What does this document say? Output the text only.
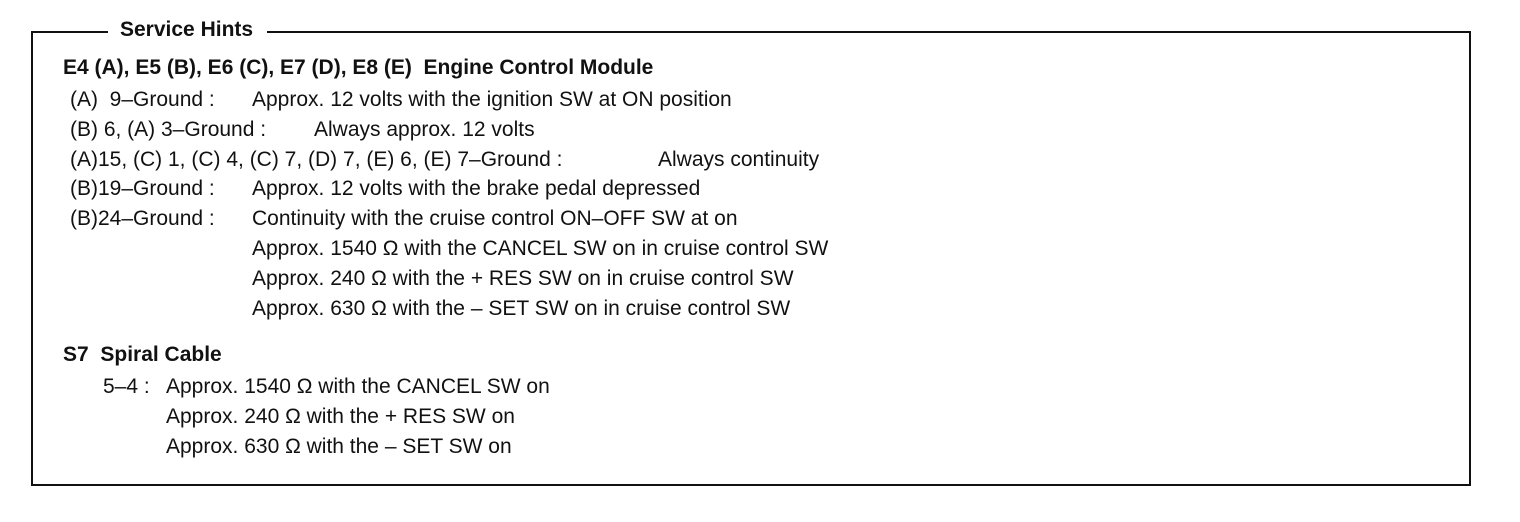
Service Hints
E4 (A), E5 (B), E6 (C), E7 (D), E8 (E)  Engine Control Module
(A)  9–Ground : Approx. 12 volts with the ignition SW at ON position
(B) 6, (A) 3–Ground : Always approx. 12 volts
(A)15, (C) 1, (C) 4, (C) 7, (D) 7, (E) 6, (E) 7–Ground :	Always continuity
(B)19–Ground : Approx. 12 volts with the brake pedal depressed
(B)24–Ground : Continuity with the cruise control ON–OFF SW at on
Approx. 1540 Ω with the CANCEL SW on in cruise control SW
Approx. 240 Ω with the + RES SW on in cruise control SW
Approx. 630 Ω with the – SET SW on in cruise control SW
S7  Spiral Cable
5–4 : Approx. 1540 Ω with the CANCEL SW on
Approx. 240 Ω with the + RES SW on
Approx. 630 Ω with the – SET SW on
